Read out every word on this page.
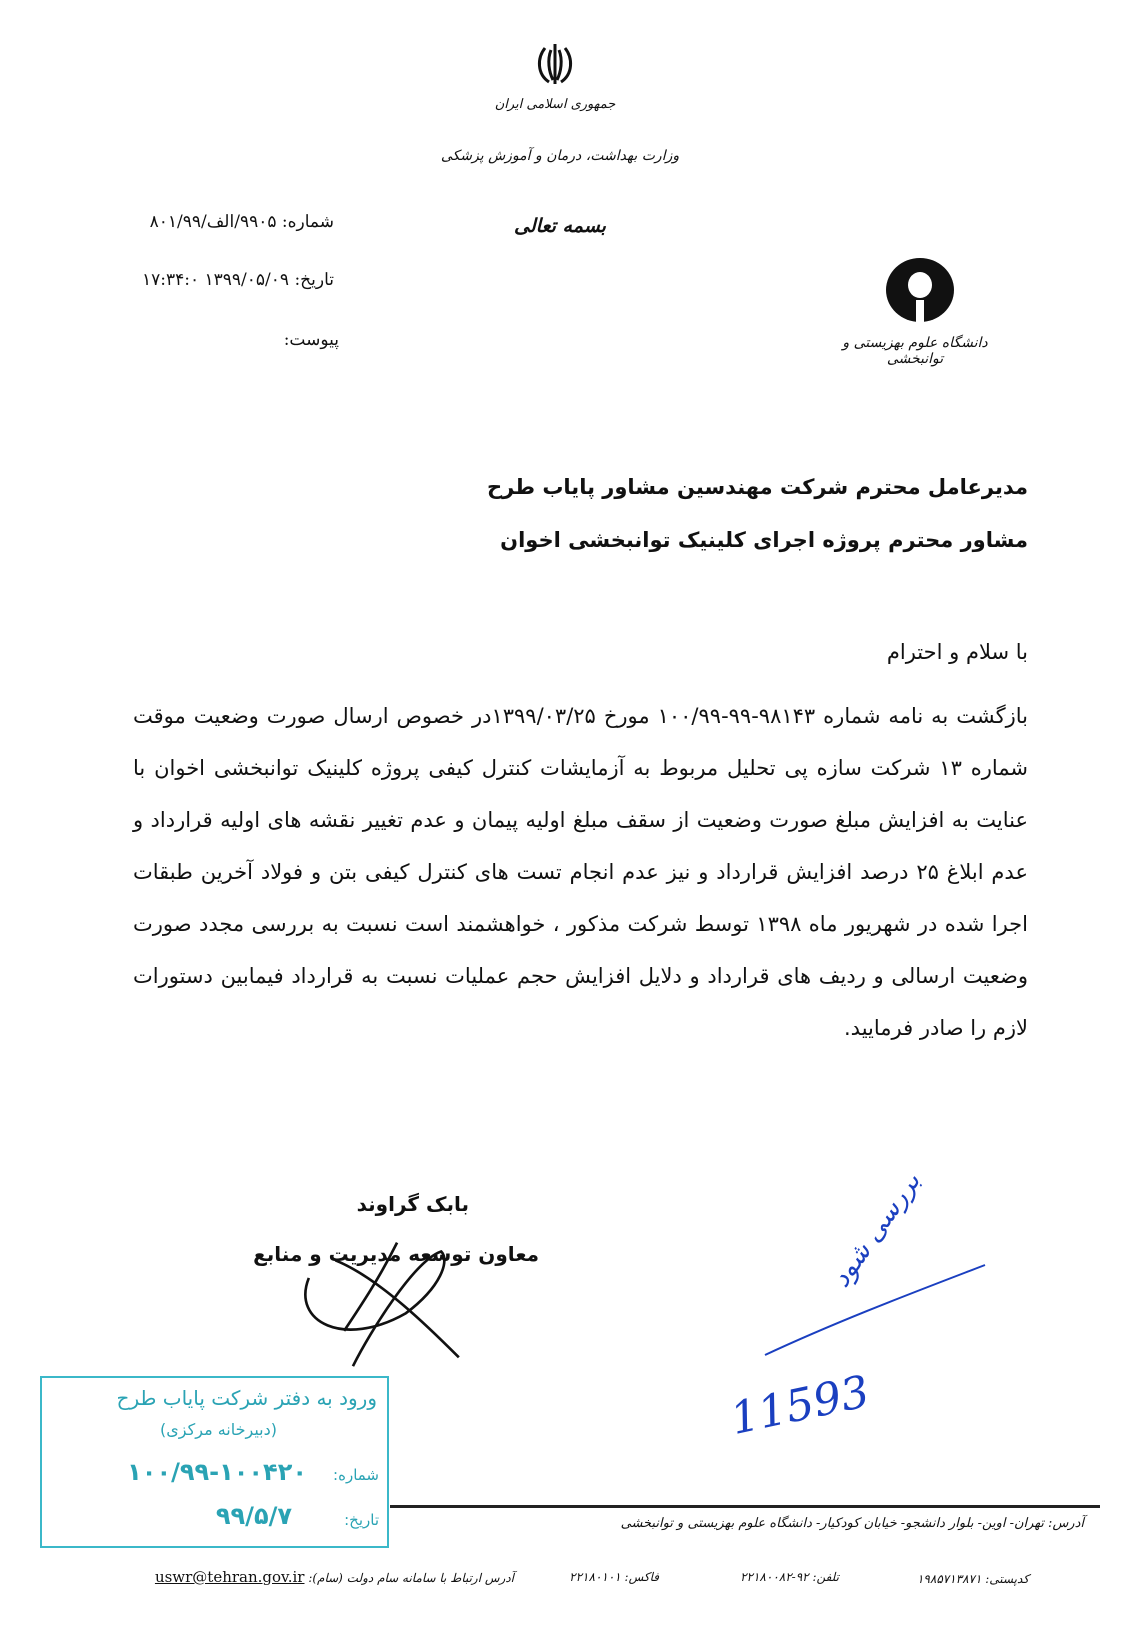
جمهوری اسلامی ایران
وزارت بهداشت، درمان و آموزش پزشکی
بسمه تعالی
دانشگاه علوم بهزیستی و توانبخشی
شماره: ۹۹۰۵/الف/۸۰۱/۹۹
تاریخ: ۱۳۹۹/۰۵/۰۹ ۱۷:۳۴:۰
پیوست:
مدیرعامل محترم شرکت مهندسین مشاور پایاب طرح
مشاور محترم پروژه اجرای کلینیک توانبخشی اخوان
با سلام و احترام
بازگشت به نامه شماره ۹۸۱۴۳-۹۹-۱۰۰/۹۹ مورخ ۱۳۹۹/۰۳/۲۵در خصوص ارسال صورت وضعیت موقت شماره ۱۳ شرکت سازه پی تحلیل مربوط به آزمایشات کنترل کیفی پروژه کلینیک توانبخشی اخوان با عنایت به افزایش مبلغ صورت وضعیت از سقف مبلغ اولیه پیمان و عدم تغییر نقشه های اولیه قرارداد و عدم ابلاغ ۲۵ درصد افزایش قرارداد و نیز عدم انجام تست های کنترل کیفی بتن و فولاد آخرین طبقات اجرا شده در شهریور ماه ۱۳۹۸ توسط شرکت مذکور ، خواهشمند است نسبت به بررسی مجدد صورت وضعیت ارسالی و ردیف های قرارداد و دلایل افزایش حجم عملیات نسبت به قرارداد فیمابین دستورات لازم را صادر فرمایید.
بابک گراوند
معاون توسعه مدیریت و منابع	بررسی شود
11593
ورود به دفتر شرکت پایاب طرح
(دبیرخانه مرکزی)
شماره:
۱۰۰/۹۹-۱۰۰۴۲۰
تاریخ:
۹۹/۵/۷	آدرس: تهران- اوین- بلوار دانشجو- خیابان کودکیار- دانشگاه علوم بهزیستی و توانبخشی
آدرس ارتباط با سامانه سام دولت (سام): uswr@tehran.gov.ir	فاکس: ۲۲۱۸۰۱۰۱	تلفن: ۹۲-۲۲۱۸۰۰۸۲	کدپستی: ۱۹۸۵۷۱۳۸۷۱
